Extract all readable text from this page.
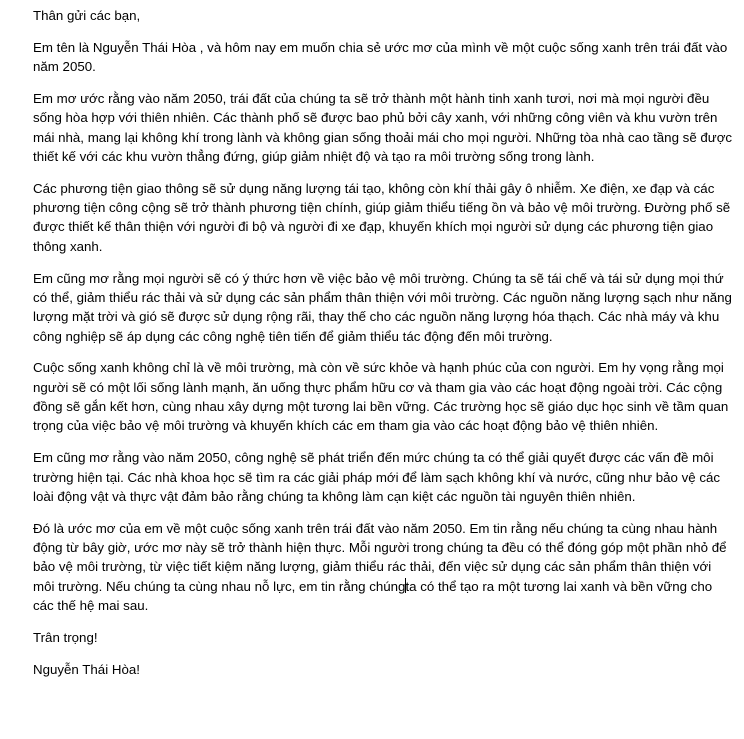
Thân gửi các bạn,

Em tên là Nguyễn Thái Hòa , và hôm nay em muốn chia sẻ ước mơ của mình về một cuộc sống xanh trên trái đất vào năm 2050.

Em mơ ước rằng vào năm 2050, trái đất của chúng ta sẽ trở thành một hành tinh xanh tươi, nơi mà mọi người đều sống hòa hợp với thiên nhiên. Các thành phố sẽ được bao phủ bởi cây xanh, với những công viên và khu vườn trên mái nhà, mang lại không khí trong lành và không gian sống thoải mái cho mọi người. Những tòa nhà cao tầng sẽ được thiết kế với các khu vườn thẳng đứng, giúp giảm nhiệt độ và tạo ra môi trường sống trong lành.

Các phương tiện giao thông sẽ sử dụng năng lượng tái tạo, không còn khí thải gây ô nhiễm. Xe điện, xe đạp và các phương tiện công cộng sẽ trở thành phương tiện chính, giúp giảm thiểu tiếng ồn và bảo vệ môi trường. Đường phố sẽ được thiết kế thân thiện với người đi bộ và người đi xe đạp, khuyến khích mọi người sử dụng các phương tiện giao thông xanh.

Em cũng mơ rằng mọi người sẽ có ý thức hơn về việc bảo vệ môi trường. Chúng ta sẽ tái chế và tái sử dụng mọi thứ có thể, giảm thiểu rác thải và sử dụng các sản phẩm thân thiện với môi trường. Các nguồn năng lượng sạch như năng lượng mặt trời và gió sẽ được sử dụng rộng rãi, thay thế cho các nguồn năng lượng hóa thạch. Các nhà máy và khu công nghiệp sẽ áp dụng các công nghệ tiên tiến để giảm thiểu tác động đến môi trường.

Cuộc sống xanh không chỉ là về môi trường, mà còn về sức khỏe và hạnh phúc của con người. Em hy vọng rằng mọi người sẽ có một lối sống lành mạnh, ăn uống thực phẩm hữu cơ và tham gia vào các hoạt động ngoài trời. Các cộng đồng sẽ gắn kết hơn, cùng nhau xây dựng một tương lai bền vững. Các trường học sẽ giáo dục học sinh về tầm quan trọng của việc bảo vệ môi trường và khuyến khích các em tham gia vào các hoạt động bảo vệ thiên nhiên.

Em cũng mơ rằng vào năm 2050, công nghệ sẽ phát triển đến mức chúng ta có thể giải quyết được các vấn đề môi trường hiện tại. Các nhà khoa học sẽ tìm ra các giải pháp mới để làm sạch không khí và nước, cũng như bảo vệ các loài động vật và thực vật đảm bảo rằng chúng ta không làm cạn kiệt các nguồn tài nguyên thiên nhiên.

Đó là ước mơ của em về một cuộc sống xanh trên trái đất vào năm 2050. Em tin rằng nếu chúng ta cùng nhau hành động từ bây giờ, ước mơ này sẽ trở thành hiện thực. Mỗi người trong chúng ta đều có thể đóng góp một phần nhỏ để bảo vệ môi trường, từ việc tiết kiệm năng lượng, giảm thiểu rác thải, đến việc sử dụng các sản phẩm thân thiện với môi trường. Nếu chúng ta cùng nhau nỗ lực, em tin rằng chúngta có thể tạo ra một tương lai xanh và bền vững cho các thế hệ mai sau.

Trân trọng!

Nguyễn Thái Hòa!
